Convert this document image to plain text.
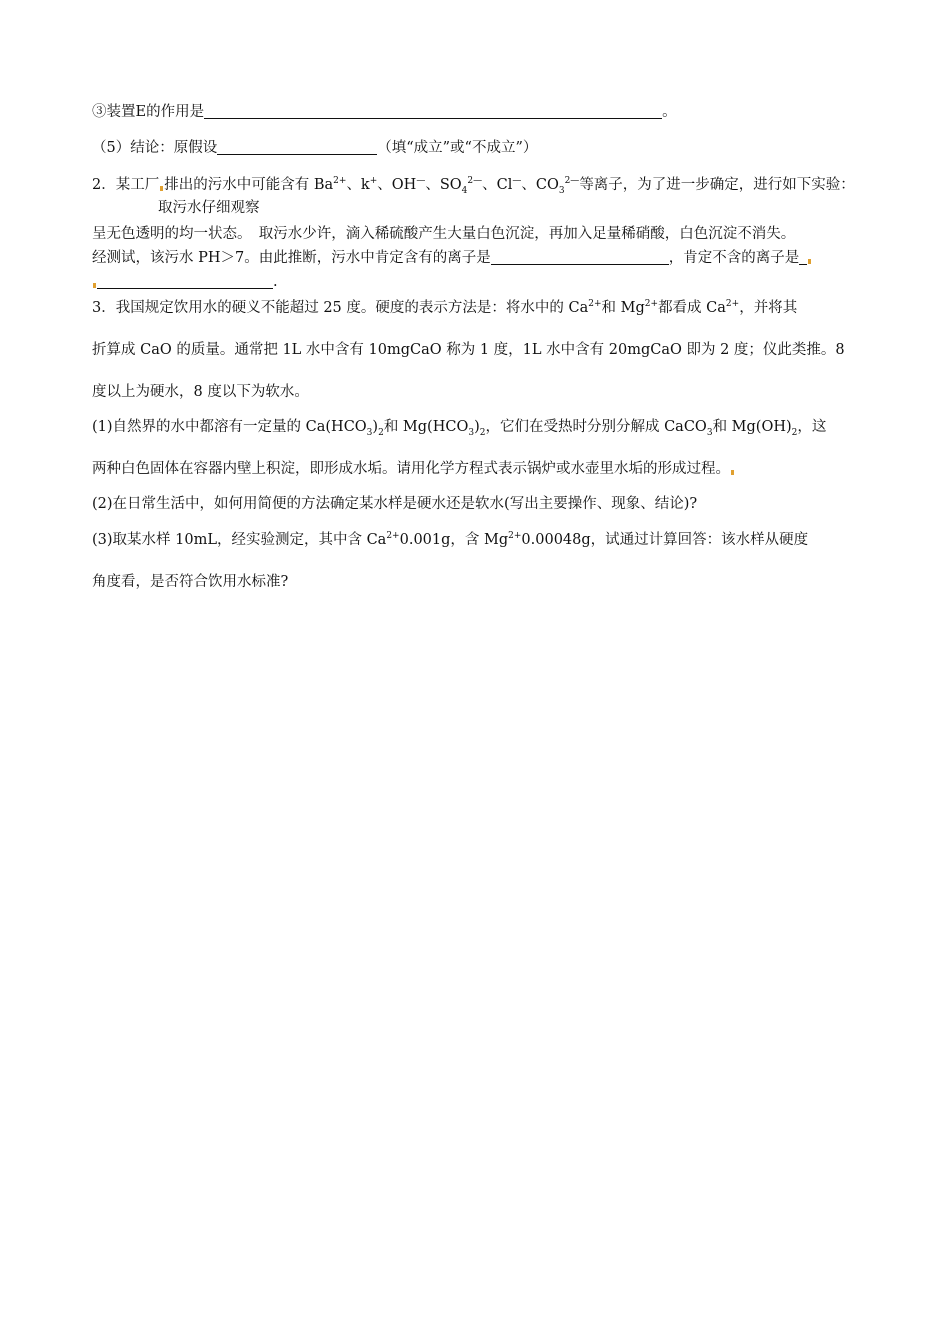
③装置E的作用是	。
（5）结论：原假设	（填“成立”或“不成立”）
2．某工厂 排出的污水中可能含有 $Ba^{2+}$、k+、OH—、$SO_4^{2—}$、Cl—、$CO_3^{2—}$等离子，为了进一步确定，进行如下实验：
取污水仔细观察
呈无色透明的均一状态。　取污水少许，滴入稀硫酸产生大量白色沉淀，再加入足量稀硝酸，白色沉淀不消失。
经测试，该污水 PH＞7。由此推断，污水中肯定含有的离子是	，肯定不含的离子是
.
3．我国规定饮用水的硬义不能超过 25 度。硬度的表示方法是：将水中的 $Ca^{2+}$和 $Mg^{2+}$都看成 $Ca^{2+}$，并将其
折算成 CaO 的质量。通常把 1L 水中含有 10mgCaO 称为 1 度，1L 水中含有 20mgCaO 即为 2 度；仪此类推。8
度以上为硬水，8 度以下为软水。
(1)自然界的水中都溶有一定量的 $Ca(HCO_3)_2$和 $Mg(HCO_3)_2$，它们在受热时分别分解成 CaCO$_3$和 $Mg(OH)_2$，这
两种白色固体在容器内壁上积淀，即形成水垢。请用化学方程式表示锅炉或水壶里水垢的形成过程。
(2)在日常生活中，如何用简便的方法确定某水样是硬水还是软水(写出主要操作、现象、结论)?
(3)取某水样 10mL，经实验测定，其中含 $Ca^{2+}0.001g$，含 $Mg^{2+}0.00048g$，试通过计算回答：该水样从硬度
角度看，是否符合饮用水标准?
